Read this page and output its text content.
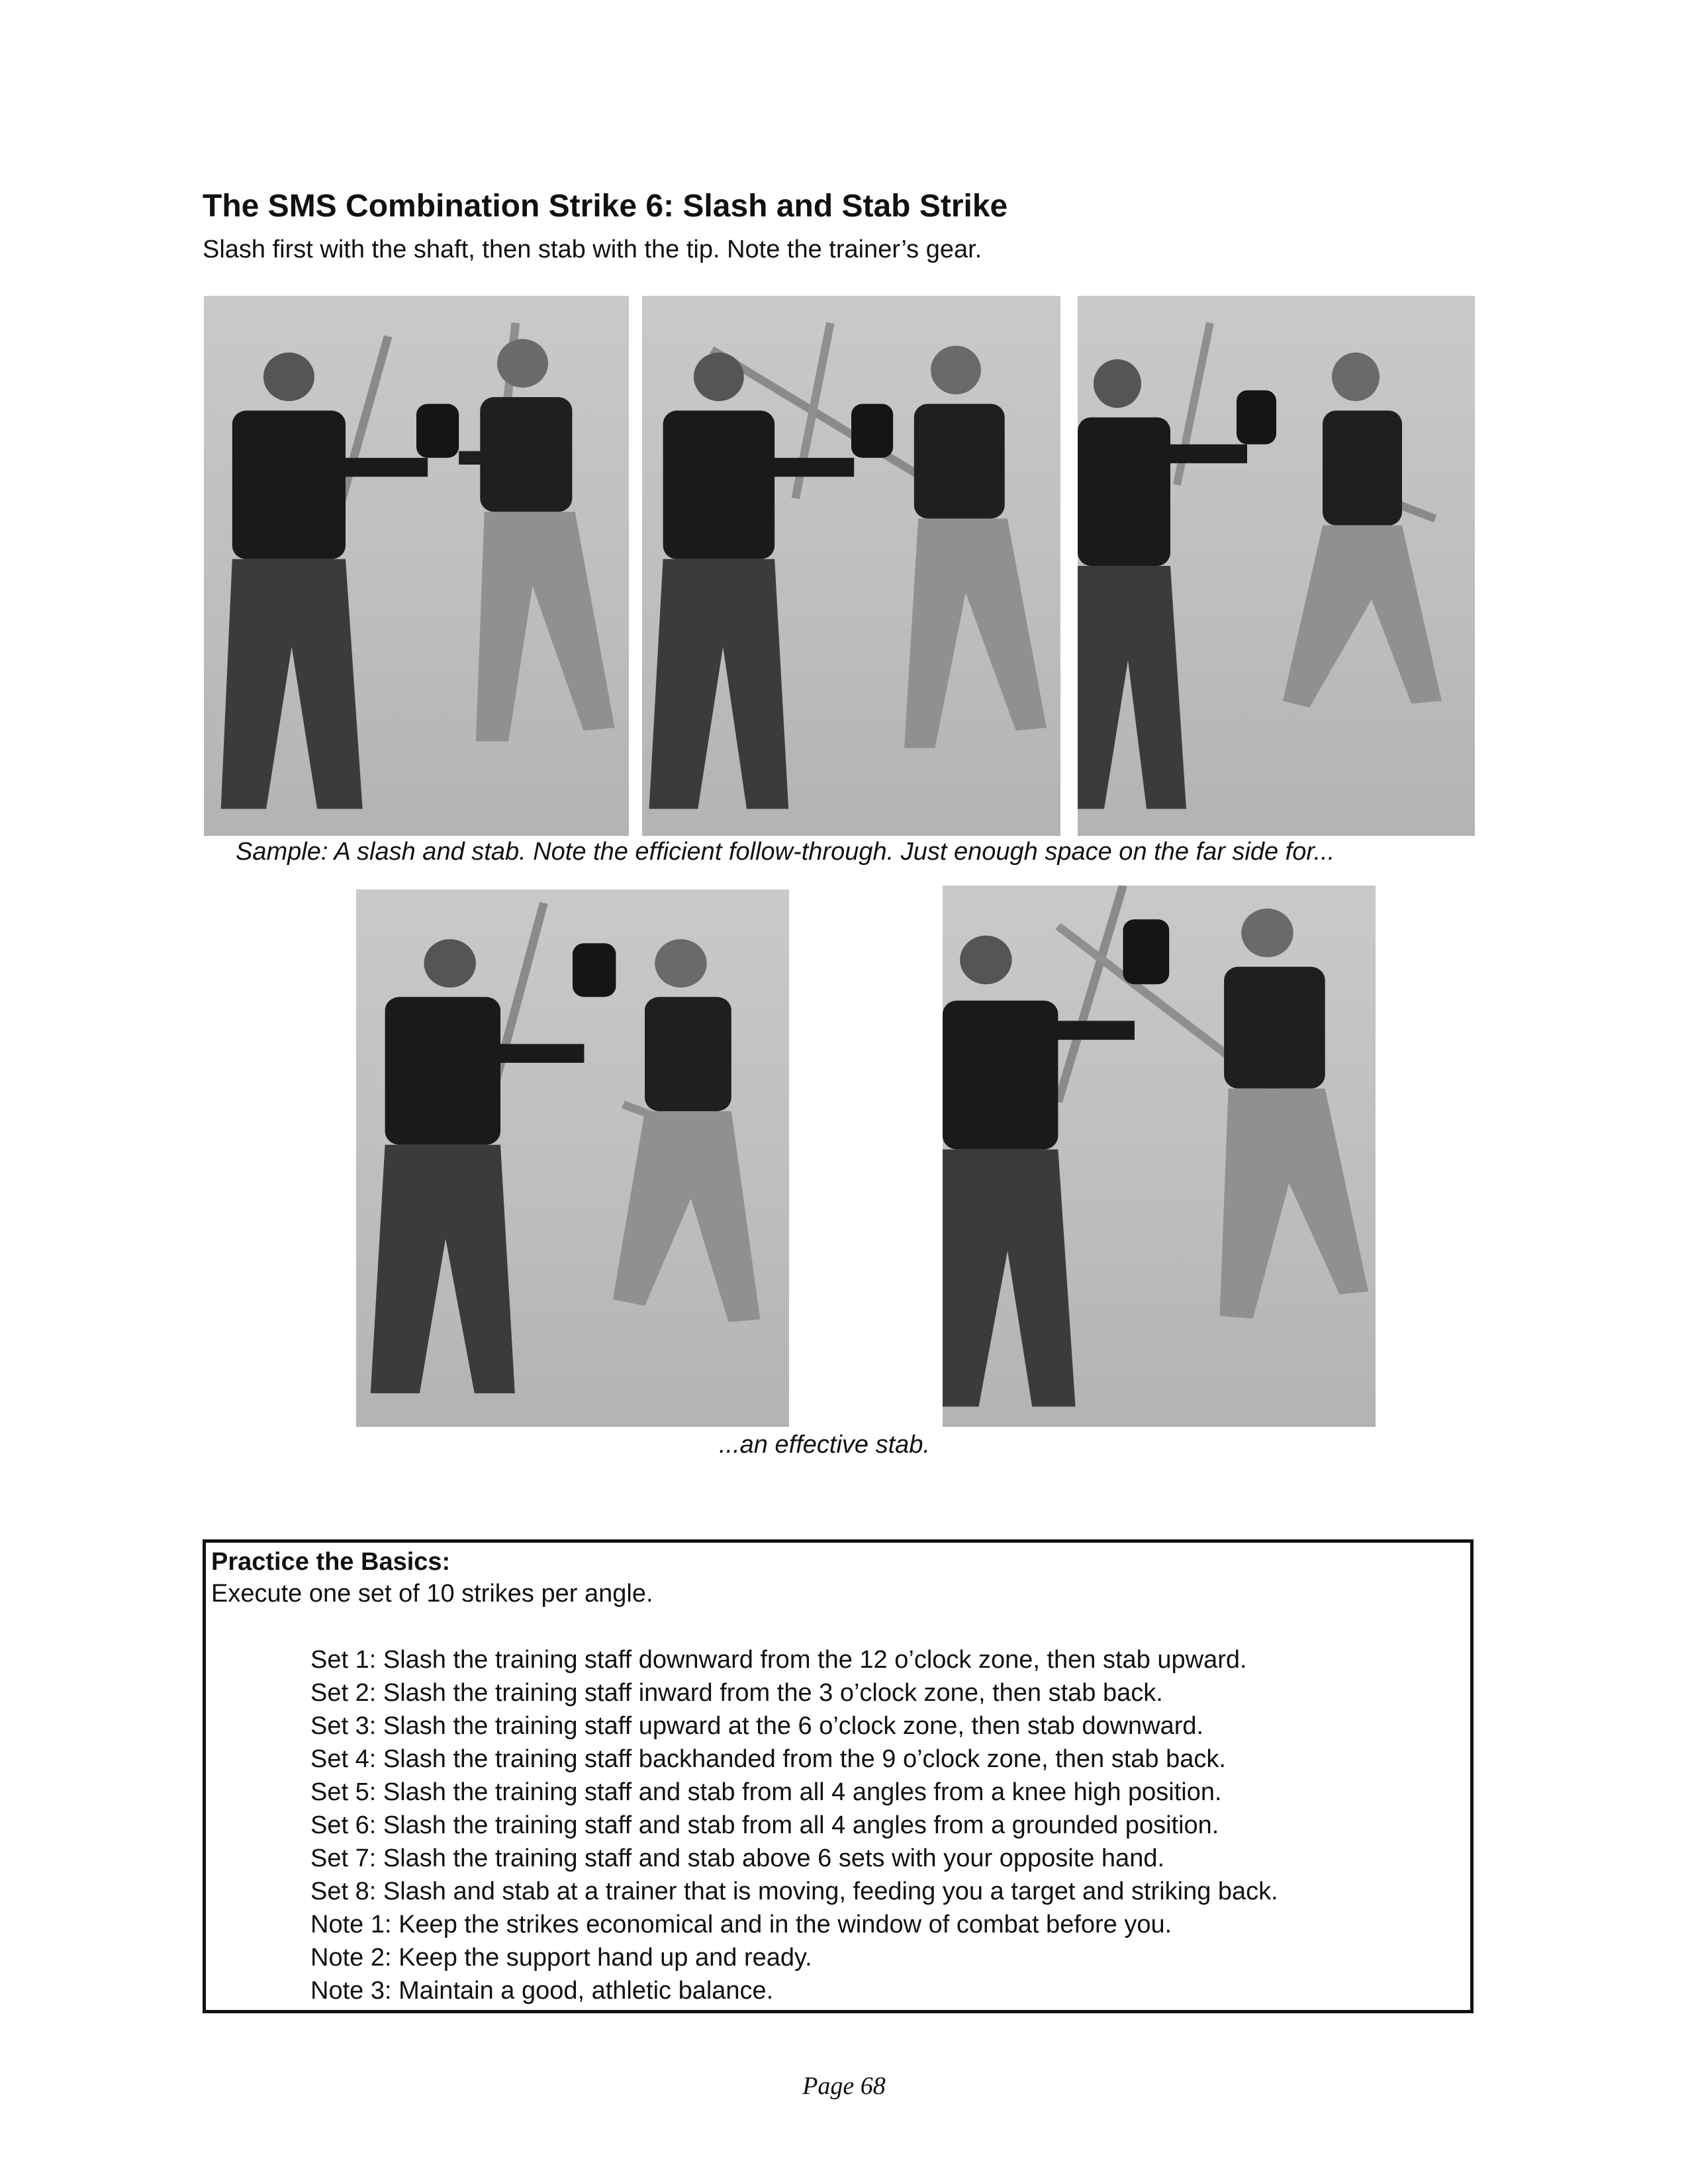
The SMS Combination Strike 6: Slash and Stab Strike
Slash first with the shaft, then stab with the tip. Note the trainer’s gear.
Sample: A slash and stab. Note the efficient follow-through. Just enough space on the far side for...
...an effective stab.
Practice the Basics:
Execute one set of 10 strikes per angle.
Set 1: Slash the training staff downward from the 12 o’clock zone, then stab upward.
Set 2: Slash the training staff inward from the 3 o’clock zone, then stab back.
Set 3: Slash the training staff upward at the 6 o’clock zone, then stab downward.
Set 4: Slash the training staff backhanded from the 9 o’clock zone, then stab back.
Set 5: Slash the training staff and stab from all 4 angles from a knee high position.
Set 6: Slash the training staff and stab from all 4 angles from a grounded position.
Set 7: Slash the training staff and stab above 6 sets with your opposite hand.
Set 8: Slash and stab at a trainer that is moving, feeding you a target and striking back.
Note 1: Keep the strikes economical and in the window of combat before you.
Note 2: Keep the support hand up and ready.
Note 3: Maintain a good, athletic balance.
Page 68
